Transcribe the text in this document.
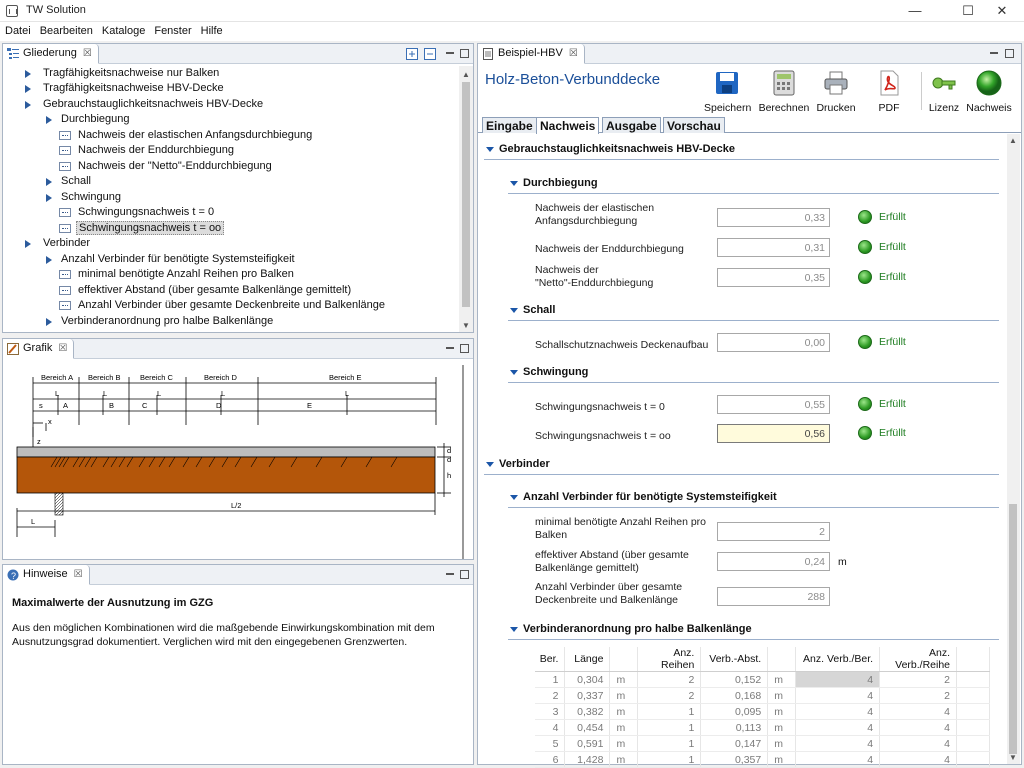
TW Solution	—	☐	✕
Datei Bearbeiten Kataloge Fenster Hilfe
Gliederung ☒
Tragfähigkeitsnachweise nur Balken
Tragfähigkeitsnachweise HBV-Decke
Gebrauchstauglichkeitsnachweis HBV-Decke
Durchbiegung
Nachweis der elastischen Anfangsdurchbiegung
Nachweis der Enddurchbiegung
Nachweis der "Netto"-Enddurchbiegung
Schall
Schwingung
Schwingungsnachweis t = 0
Schwingungsnachweis t = oo
Verbinder
Anzahl Verbinder für benötigte Systemsteifigkeit
minimal benötigte Anzahl Reihen pro Balken
effektiver Abstand (über gesamte Balkenlänge gemittelt)
Anzahl Verbinder über gesamte Deckenbreite und Balkenlänge
Verbinderanordnung pro halbe Balkenlänge
▲
▼
Grafik ☒
Bereich A Bereich B	Bereich C	Bereich D	Bereich E
L	L	L	L	L
s	A	B	C	D	E
z
x
d
d
h
L/2
L
? Hinweise ☒
Maximalwerte der Ausnutzung im GZG
Aus den möglichen Kombinationen wird die maßgebende Einwirkungskombination mit dem Ausnutzungsgrad dokumentiert. Verglichen wird mit den eingegebenen Grenzwerten.
Beispiel-HBV ☒
Holz-Beton-Verbunddecke
Speichern Berechnen Drucken	PDF	Lizenz Nachweis
Eingabe Nachweis Ausgabe Vorschau
Gebrauchstauglichkeitsnachweis HBV-Decke
Durchbiegung
Nachweis der elastischen
Anfangsdurchbiegung	0,33	Erfüllt
Nachweis der Enddurchbiegung	0,31	Erfüllt
Nachweis der
"Netto"-Enddurchbiegung	0,35	Erfüllt
Schall
Schallschutznachweis Deckenaufbau	0,00	Erfüllt
Schwingung
Schwingungsnachweis t = 0	0,55	Erfüllt
Schwingungsnachweis t = oo	0,56	Erfüllt
Verbinder
Anzahl Verbinder für benötigte Systemsteifigkeit
minimal benötigte Anzahl Reihen pro
Balken	2
effektiver Abstand (über gesamte
Balkenlänge gemittelt)	0,24	m
Anzahl Verbinder über gesamte
Deckenbreite und Balkenlänge	288
Verbinderanordnung pro halbe Balkenlänge
▲
▼
Ber.	Länge		Anz. Reihen	Verb.-Abst.		Anz. Verb./Ber.	Anz. Verb./Reihe	
1	0,304	m	2	0,152	m	4	2	
2	0,337	m	2	0,168	m	4	2	
3	0,382	m	1	0,095	m	4	4	
4	0,454	m	1	0,113	m	4	4	
5	0,591	m	1	0,147	m	4	4	
6	1,428	m	1	0,357	m	4	4	
